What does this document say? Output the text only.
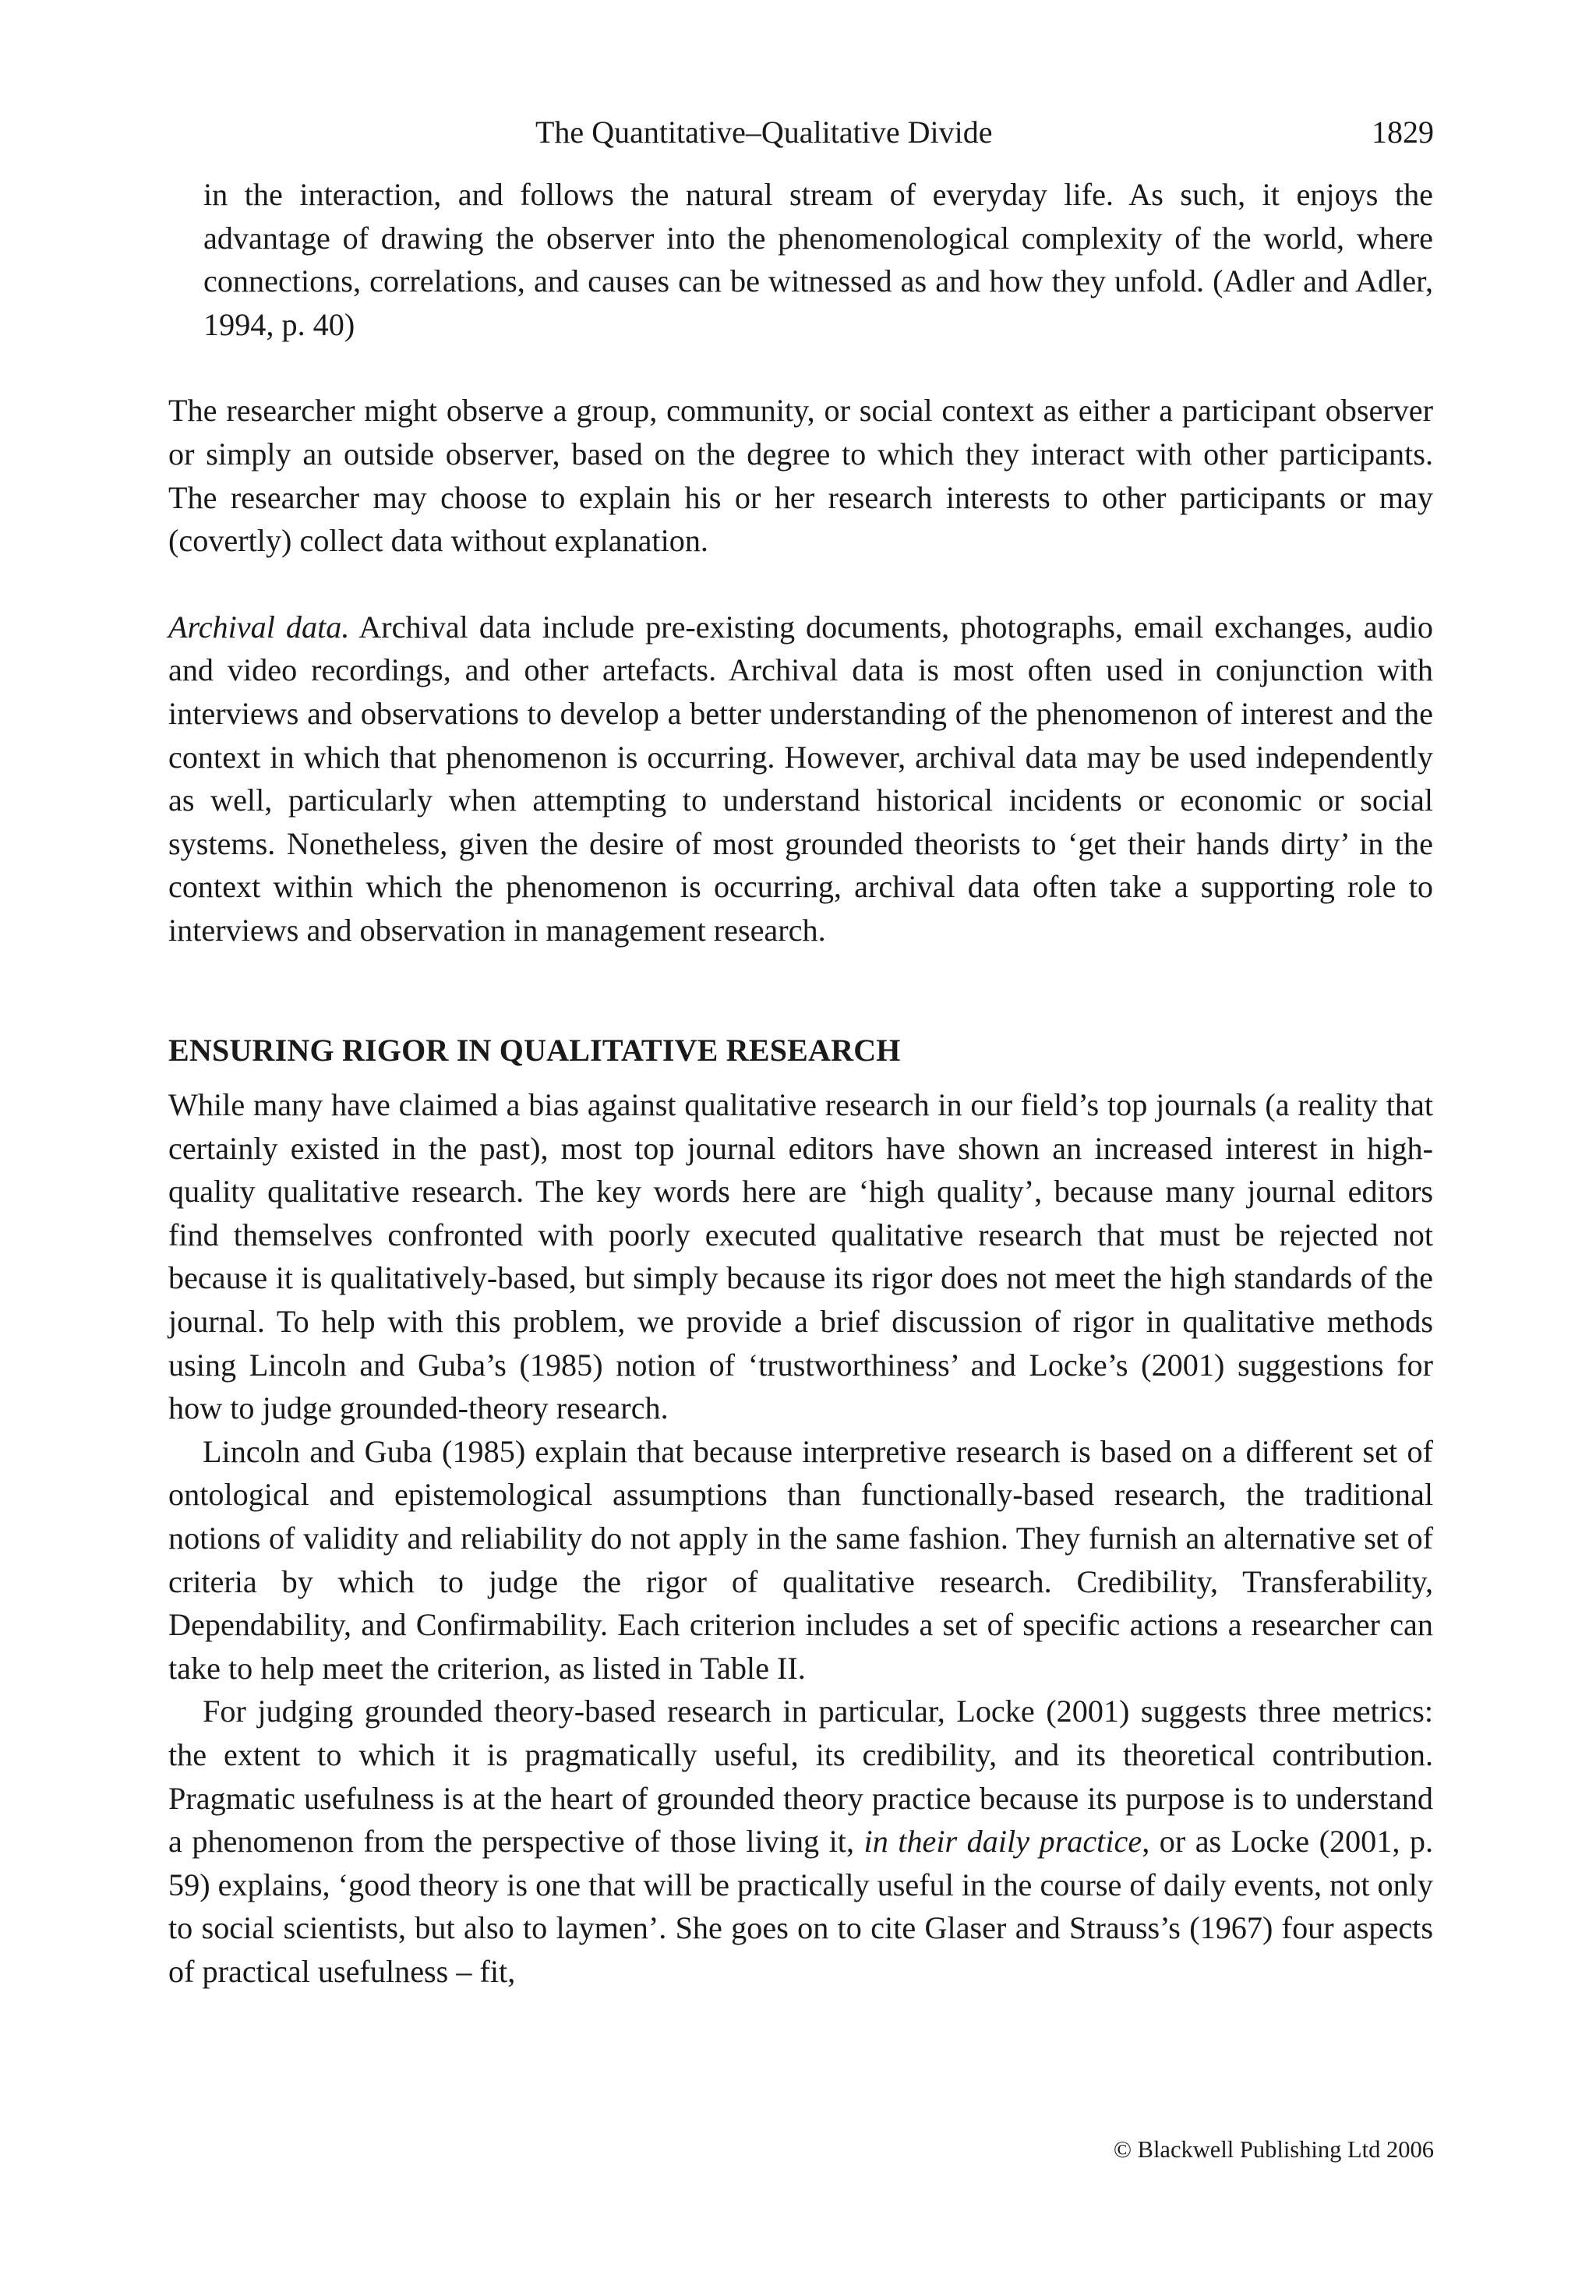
The Quantitative–Qualitative Divide	1829

in the interaction, and follows the natural stream of everyday life. As such, it enjoys the advantage of drawing the observer into the phenomenological complexity of the world, where connections, correlations, and causes can be witnessed as and how they unfold. (Adler and Adler, 1994, p. 40)

The researcher might observe a group, community, or social context as either a participant observer or simply an outside observer, based on the degree to which they interact with other participants. The researcher may choose to explain his or her research interests to other participants or may (covertly) collect data without explanation.

Archival data. Archival data include pre-existing documents, photographs, email exchanges, audio and video recordings, and other artefacts. Archival data is most often used in conjunction with interviews and observations to develop a better understanding of the phenomenon of interest and the context in which that phenomenon is occurring. However, archival data may be used independently as well, particularly when attempting to understand historical incidents or economic or social systems. Nonetheless, given the desire of most grounded theorists to ‘get their hands dirty’ in the context within which the phenomenon is occurring, archival data often take a supporting role to interviews and observation in management research.

ENSURING RIGOR IN QUALITATIVE RESEARCH

While many have claimed a bias against qualitative research in our field’s top journals (a reality that certainly existed in the past), most top journal editors have shown an increased interest in high-quality qualitative research. The key words here are ‘high quality’, because many journal editors find themselves confronted with poorly executed qualitative research that must be rejected not because it is qualitatively-based, but simply because its rigor does not meet the high standards of the journal. To help with this problem, we provide a brief discussion of rigor in qualitative methods using Lincoln and Guba’s (1985) notion of ‘trustworthiness’ and Locke’s (2001) suggestions for how to judge grounded-theory research.

Lincoln and Guba (1985) explain that because interpretive research is based on a different set of ontological and epistemological assumptions than functionally-based research, the traditional notions of validity and reliability do not apply in the same fashion. They furnish an alternative set of criteria by which to judge the rigor of qualitative research. Credibility, Transferability, Dependability, and Confirmability. Each criterion includes a set of specific actions a researcher can take to help meet the criterion, as listed in Table II.

For judging grounded theory-based research in particular, Locke (2001) suggests three metrics: the extent to which it is pragmatically useful, its credibility, and its theoretical contribution. Pragmatic usefulness is at the heart of grounded theory practice because its purpose is to understand a phenomenon from the perspective of those living it, in their daily practice, or as Locke (2001, p. 59) explains, ‘good theory is one that will be practically useful in the course of daily events, not only to social scientists, but also to laymen’. She goes on to cite Glaser and Strauss’s (1967) four aspects of practical usefulness – fit,

© Blackwell Publishing Ltd 2006
